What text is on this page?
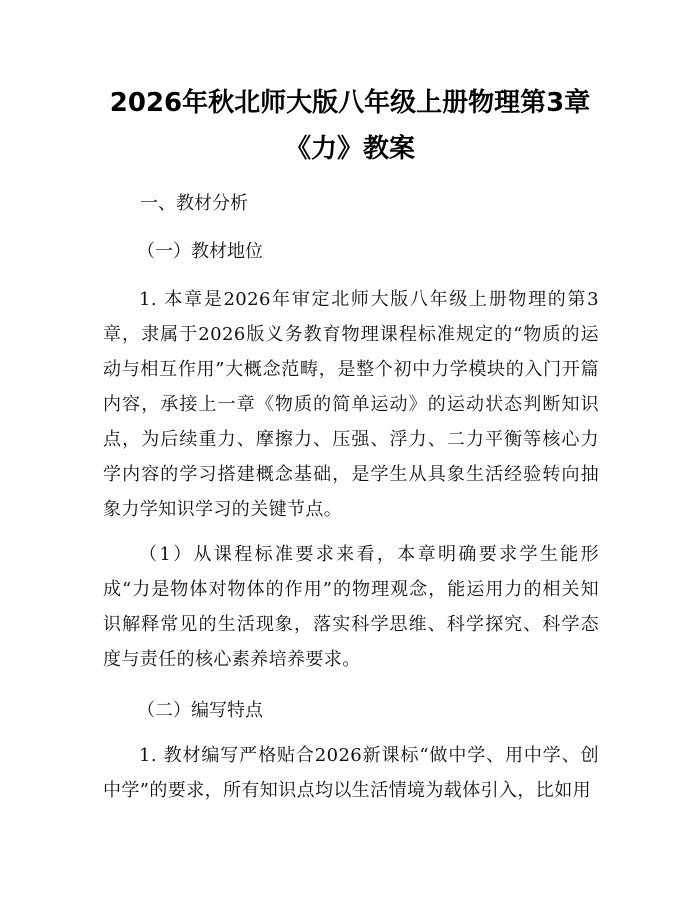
2026年秋北师大版八年级上册物理第3章
《力》教案

一、教材分析

（一）教材地位

1. 本章是2026年审定北师大版八年级上册物理的第3章，隶属于2026版义务教育物理课程标准规定的“物质的运动与相互作用”大概念范畴，是整个初中力学模块的入门开篇内容，承接上一章《物质的简单运动》的运动状态判断知识点，为后续重力、摩擦力、压强、浮力、二力平衡等核心力学内容的学习搭建概念基础，是学生从具象生活经验转向抽象力学知识学习的关键节点。

（1）从课程标准要求来看，本章明确要求学生能形成“力是物体对物体的作用”的物理观念，能运用力的相关知识解释常见的生活现象，落实科学思维、科学探究、科学态度与责任的核心素养培养要求。

（二）编写特点

1. 教材编写严格贴合2026新课标“做中学、用中学、创中学”的要求，所有知识点均以生活情境为载体引入，比如用
